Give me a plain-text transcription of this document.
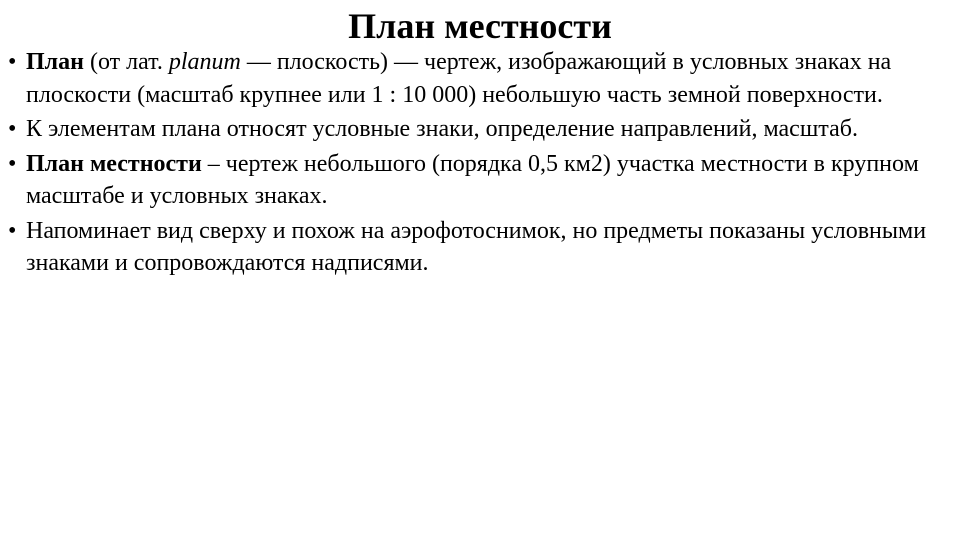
План местности
• План (от лат. planum — плоскость) — чертеж, изображающий в условных знаках на плоскости (масштаб крупнее или 1 : 10 000) небольшую часть земной поверхности.
• К элементам плана относят условные знаки, определение направлений, масштаб.
• План местности – чертеж небольшого (порядка 0,5 км2) участка местности в крупном масштабе и условных знаках.
• Напоминает вид сверху и похож на аэрофотоснимок, но предметы показаны условными знаками и сопровождаются надписями.
